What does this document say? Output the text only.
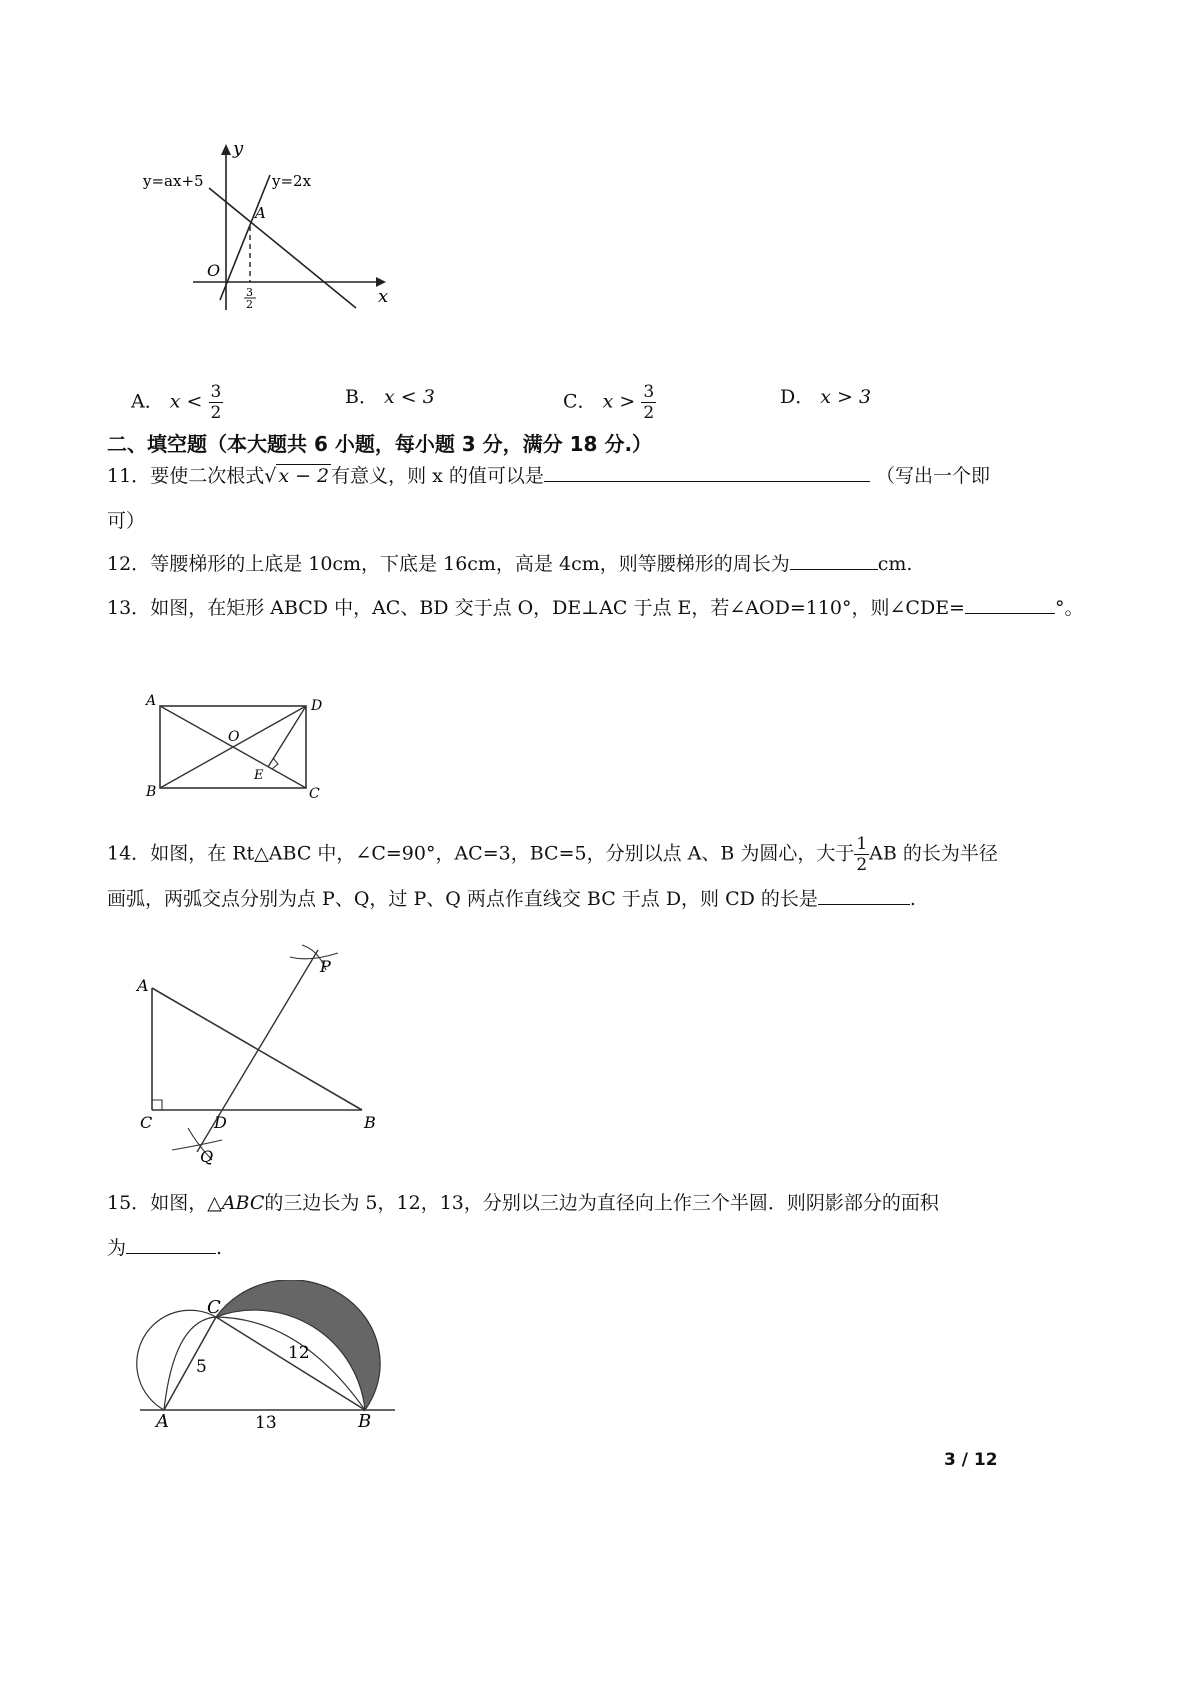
y
x
O
y=ax+5	y=2x
A
3
2
A． $x < \frac{3}{2}$	B． x < 3	C． $x > \frac{3}{2}$	D． x > 3
二、填空题（本大题共 6 小题，每小题 3 分，满分 18 分.）
11．要使二次根式√ x − 2 有意义，则 x 的值可以是	（写出一个即
可）
12．等腰梯形的上底是 10cm，下底是 16cm，高是 4cm，则等腰梯形的周长为	cm.
13．如图，在矩形 ABCD 中，AC、BD 交于点 O，DE⊥AC 于点 E，若∠AOD=110°，则∠CDE=	°。
A	D
B	C
O
E
14．如图，在 Rt△ABC 中，∠C=90°，AC=3，BC=5，分别以点 A、B 为圆心，大于 $\frac{1}{2}$ AB 的长为半径
画弧，两弧交点分别为点 P、Q，过 P、Q 两点作直线交 BC 于点 D，则 CD 的长是	.
A
C	D	B
P
Q
15．如图，△ABC的三边长为 5，12，13，分别以三边为直径向上作三个半圆．则阴影部分的面积
为	.
C
A	B
5
12
13
3 / 12
